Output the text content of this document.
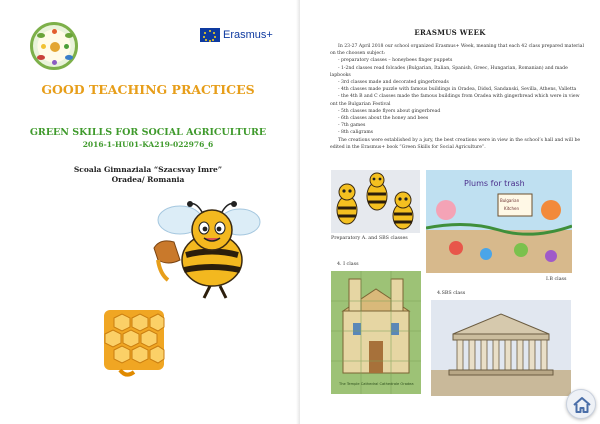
Erasmus+
GOOD TEACHING PRACTICES
GREEN SKILLS FOR SOCIAL AGRICULTURE
2016-1-HU01-KA219-022976_6
Scoala Gimnaziala “Szacsvay Imre”
Oradea/ Romania
ERASMUS WEEK

In 23-27 April 2018 our school organized Erasmus+ Week, meaning that each 42 class prepared material on the choosen subject:

- preparatory classes – honeybees finger puppets

- 1-2nd classes read folcades (Bulgarian, Italian, Spanish, Greec, Hungarian, Romanian) and made lapbooks

- 3rd classes made and decorated gingerbreads

- 4th classes made puzzle with famous buildings in Oradea, Didsd, Sandanski, Sevilla, Athens, Valletta

- the 4th B and C classes made the famous buildings from Oradea with gingerbread which were in view ont the Bulgarian Festival

- 5th classes made flyers about gingerbread

- 6th classes about the honey and bees

- 7th games

- 8th caligrams

The creations were established by a jury, the best creations were in view in the school’s hall and will be edited in the Erasmus+ book “Green Skills for Social Agriculture”.

Preparatory A. and SBS classes
Plums for trash
Bulgarian
Kitchen
I.B class
4. I class
The Temple Cathedral Cathedrale Oradea
4.SBS class
